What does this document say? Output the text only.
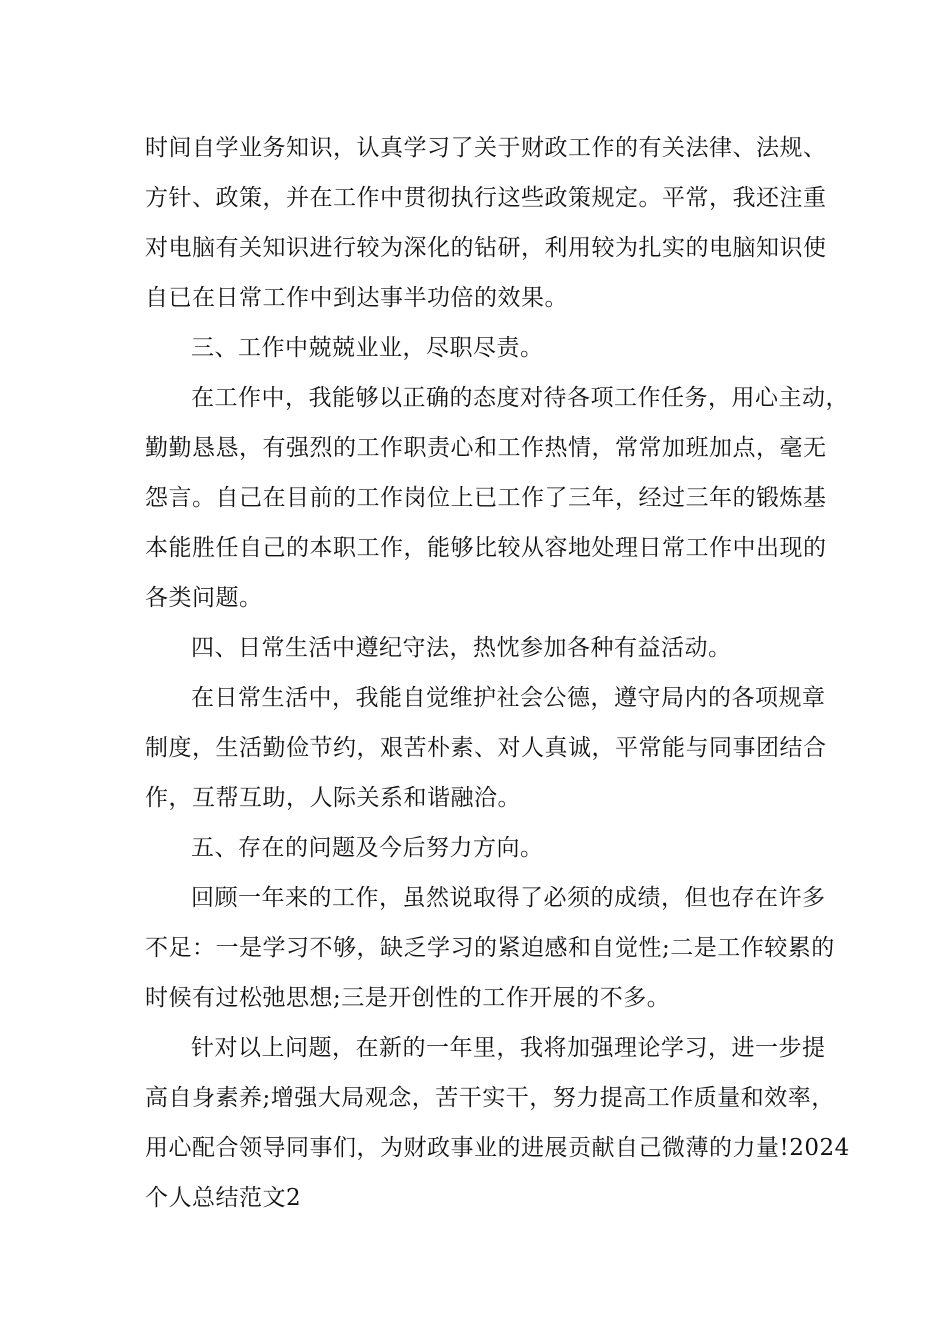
时间自学业务知识，认真学习了关于财政工作的有关法律、法规、
方针、政策，并在工作中贯彻执行这些政策规定。平常，我还注重
对电脑有关知识进行较为深化的钻研，利用较为扎实的电脑知识使
自已在日常工作中到达事半功倍的效果。
三、工作中兢兢业业，尽职尽责。
在工作中，我能够以正确的态度对待各项工作任务，用心主动，
勤勤恳恳，有强烈的工作职责心和工作热情，常常加班加点，毫无
怨言。自己在目前的工作岗位上已工作了三年，经过三年的锻炼基
本能胜任自己的本职工作，能够比较从容地处理日常工作中出现的
各类问题。
四、日常生活中遵纪守法，热忱参加各种有益活动。
在日常生活中，我能自觉维护社会公德，遵守局内的各项规章
制度，生活勤俭节约，艰苦朴素、对人真诚，平常能与同事团结合
作，互帮互助，人际关系和谐融洽。
五、存在的问题及今后努力方向。
回顾一年来的工作，虽然说取得了必须的成绩，但也存在许多
不足：一是学习不够，缺乏学习的紧迫感和自觉性;二是工作较累的
时候有过松弛思想;三是开创性的工作开展的不多。
针对以上问题，在新的一年里，我将加强理论学习，进一步提
高自身素养;增强大局观念，苦干实干，努力提高工作质量和效率，
用心配合领导同事们，为财政事业的进展贡献自己微薄的力量!2024
个人总结范文2
